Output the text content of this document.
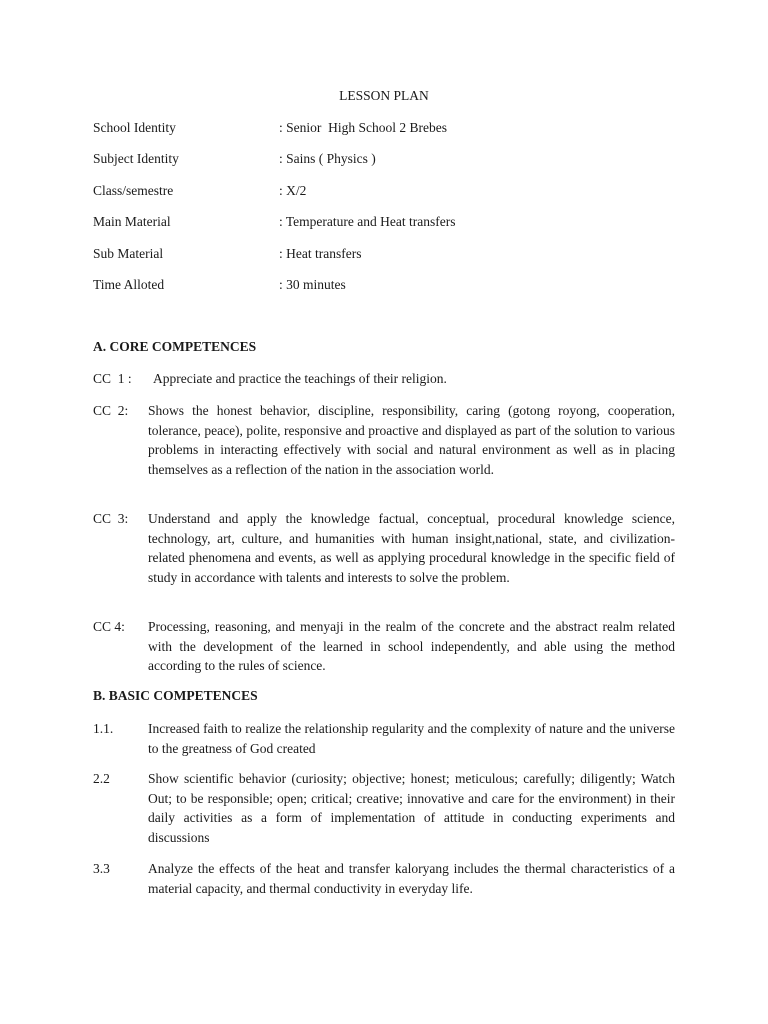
LESSON PLAN
School Identity	: Senior  High School 2 Brebes
Subject Identity	: Sains ( Physics )
Class/semestre	: X/2
Main Material	: Temperature and Heat transfers
Sub Material	: Heat transfers
Time Alloted	: 30 minutes
A. CORE COMPETENCES
CC  1 : Appreciate and practice the teachings of their religion.
CC  2: Shows the honest behavior, discipline, responsibility, caring (gotong royong, cooperation, tolerance, peace), polite, responsive and proactive and displayed as part of the solution to various problems in interacting effectively with social and natural environment as well as in placing themselves as a reflection of the nation in the association world.
CC  3: Understand and apply the knowledge factual, conceptual, procedural knowledge science, technology, art, culture, and humanities with human insight,national, state, and civilization-related phenomena and events, as well as applying procedural knowledge in the specific field of study in accordance with talents and interests to solve the problem.
CC 4: Processing, reasoning, and menyaji in the realm of the concrete and the abstract realm related with the development of the learned in school independently, and able using the method according to the rules of science.
B. BASIC COMPETENCES
1.1.	Increased faith to realize the relationship regularity and the complexity of nature and the universe to the greatness of God created
2.2	Show scientific behavior (curiosity; objective; honest; meticulous; carefully; diligently; Watch Out; to be responsible; open; critical; creative; innovative and care for the environment) in their daily activities as a form of implementation of attitude in conducting experiments and discussions
3.3	Analyze the effects of the heat and transfer kaloryang includes the thermal characteristics of a material capacity, and thermal conductivity in everyday life.
